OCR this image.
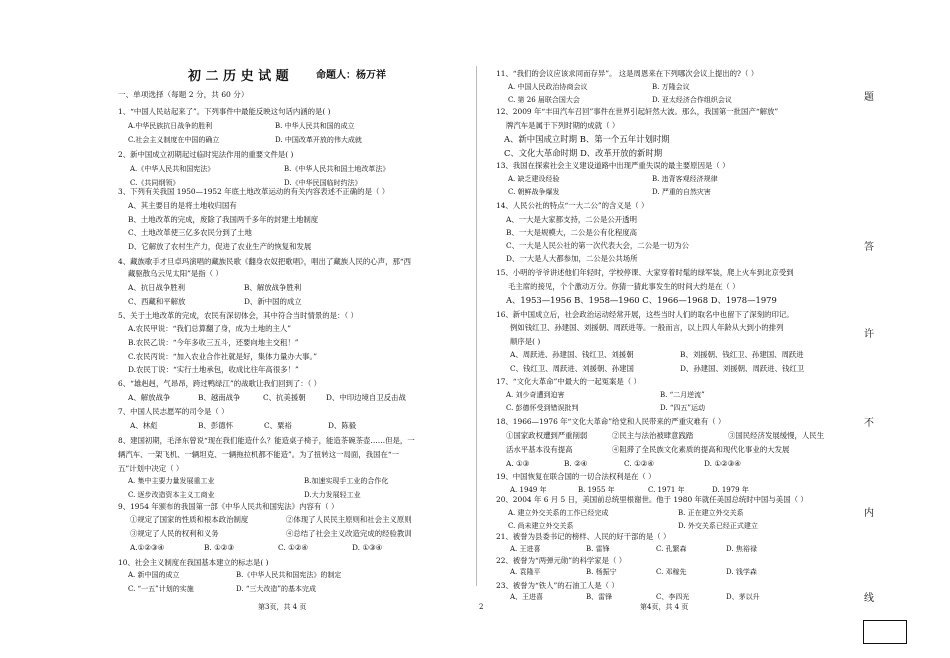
初 二 历 史 试 题	命题人：杨万祥
一、单项选择（每题 2 分，共 60 分）
1、“中国人民站起来了”。下列事件中最能反映这句话内涵的是( )
A.中华民族抗日战争的胜利	B. 中华人民共和国的成立
C.社会主义制度在中国的确立	D. 中国改革开放的伟大成就
2、新中国成立初期起过临时宪法作用的重要文件是( )
A.《中华人民共和国宪法》	B.《中华人民共和国土地改革法》
C.《共同纲领》	D.《中华民国临时约法》
3、下列有关我国 1950—1952 年底土地改革运动的有关内容表述不正确的是（ ）
A、其主要目的是将土地收归国有
B、土地改革的完成，废除了我国两千多年的封建土地制度
C、土地改革使三亿多农民分到了土地
D、它解放了农村生产力，促进了农业生产的恢复和发展
4、藏族歌手才旦卓玛演唱的藏族民歌《翻身农奴把歌唱》，唱出了藏族人民的心声，那“西
藏驱散乌云见太阳”是指（ ）
A、抗日战争胜利	B、解放战争胜利
C、西藏和平解放	D、新中国的成立
5、关于土地改革的完成，农民有深切体会，其中符合当时情景的是：（ ）
A.农民甲说：“我们总算翻了身，成为土地的主人”
B.农民乙说：“今年多收三五斗，还要向地主交租！”
C.农民丙说：“加入农业合作社就是好，集体力量办大事。”
D.农民丁说：“实行土地承包，收成比往年高很多！”
6、“雄赳赳，气昂昂，跨过鸭绿江”的战歌让我们回到了：（ ）
A、解放战争	B、越南战争	C、抗美援朝	D、中印边境自卫反击战
7、中国人民志愿军的司令是（ ）
A、林彪	B、彭德怀	C、粟裕	D、陈毅
8、建国初期，毛泽东曾说“现在我们能造什么？能造桌子椅子，能造茶碗茶壶……但是，一
辆汽车、一架飞机、一辆坦克、一辆拖拉机都不能造”。为了扭转这一局面，我国在“一
五”计划中决定（ ）
A. 集中主要力量发展重工业	B.加速实现手工业的合作化
C. 逐步改造资本主义工商业	D.大力发展轻工业
9、1954 年颁布的我国第一部《中华人民共和国宪法》内容有（ ）
①规定了国家的性质和根本政治制度	②体现了人民民主原则和社会主义原则
③规定了人民的权利和义务	④总结了社会主义改造完成的经验教训
A.①②③④	B. ①②③	C. ①②④	D. ①③④
10、社会主义制度在我国基本建立的标志是( )
A. 新中国的成立	B.《中华人民共和国宪法》的制定
C. “一五”计划的实施	D. “三大改造”的基本完成
第3页，共 4 页	2
11、“我们的会议应该求同而存异”。 这是周恩来在下列哪次会议上提出的?（ ）
A. 中国人民政治协商会议	B. 万隆会议
C. 第 26 届联合国大会	D. 亚太经济合作组织会议
12、2009 年“丰田汽车召回”事件在世界引起轩然大波。那么，我国第一批国产“解放”
牌汽车是属于下列时期的成就（ ）
A、新中国成立时期 B、第一个五年计划时期
C、文化大革命时期 D、改革开放的新时期
13、我国在探索社会主义建设道路中出现严重失误的最主要原因是（ ）
A. 缺乏建设经验	B. 违背客观经济规律
C. 朝鲜战争爆发	D. 严重的自然灾害
14、人民公社的特点“一大二公”的含义是（ ）
A、一大是大家都支持，二公是公开透明
B、一大是规模大，二公是公有化程度高
C、一大是人民公社的第一次代表大会，二公是一切为公
D、一大是人大都参加，二公是公共场所
15、小明的爷爷讲述他们年轻时，学校停课、大家穿着时髦的绿军装，爬上火车到北京受到
毛主席的接见，个个激动万分。你猜一猜此事发生的时间大约是在（ ）
A、1953—1956 B、1958—1960 C、1966—1968 D、1978—1979
16、新中国成立后，社会政治运动经常开展，这些当时人们的取名中也留下了深刻的印记。
例如钱红卫、孙建国、刘援朝、周跃进等。一般而言，以上四人年龄从大到小的排列
顺序是( )
A、周跃进、孙建国、钱红卫、刘援朝	B、刘援朝、钱红卫、孙建国、周跃进
C、钱红卫、周跃进、刘援朝、孙建国	D、孙建国、刘援朝、周跃进、钱红卫
17、“文化大革命”中最大的一起冤案是（ ）
A. 刘少奇遭到迫害	B. “二月逆流”
C. 彭德怀受到错误批判	D. “四五”运动
18、1966—1976 年“文化大革命”给党和人民带来的严重灾难有（ ）
①国家政权遭到严重削弱	②民主与法治被肆意践踏	③国民经济发展缓慢，人民生
活水平基本没有提高	④阻滞了全民族文化素质的提高和现代化事业的大发展
A. ①③	B. ②④	C. ①②④	D. ①②③④
19、中国恢复在联合国的一切合法权利是在（ ）
A. 1949 年	B. 1955 年	C. 1971 年	D. 1979 年
20、2004 年 6 月 5 日，美国前总统里根谢世。他于 1980 年就任美国总统时中国与美国（ ）
A. 建立外交关系的工作已经完成	B. 正在建立外交关系
C. 尚未建立外交关系	D. 外交关系已经正式建立
21、被誉为县委书记的榜样、人民的好干部的是（ ）
A. 王进喜	B. 雷锋	C. 孔繁森	D. 焦裕禄
22、被誉为“两弹元勋”的科学家是（ ）
A. 袁隆平	B. 杨振宁	C. 邓稼先	D. 钱学森
23、被誉为“铁人”的石油工人是（ ）
A、王进喜	B、雷锋	C、李四光	D、茅以升
第4页，共 4 页
题
答
许
不
内
线
